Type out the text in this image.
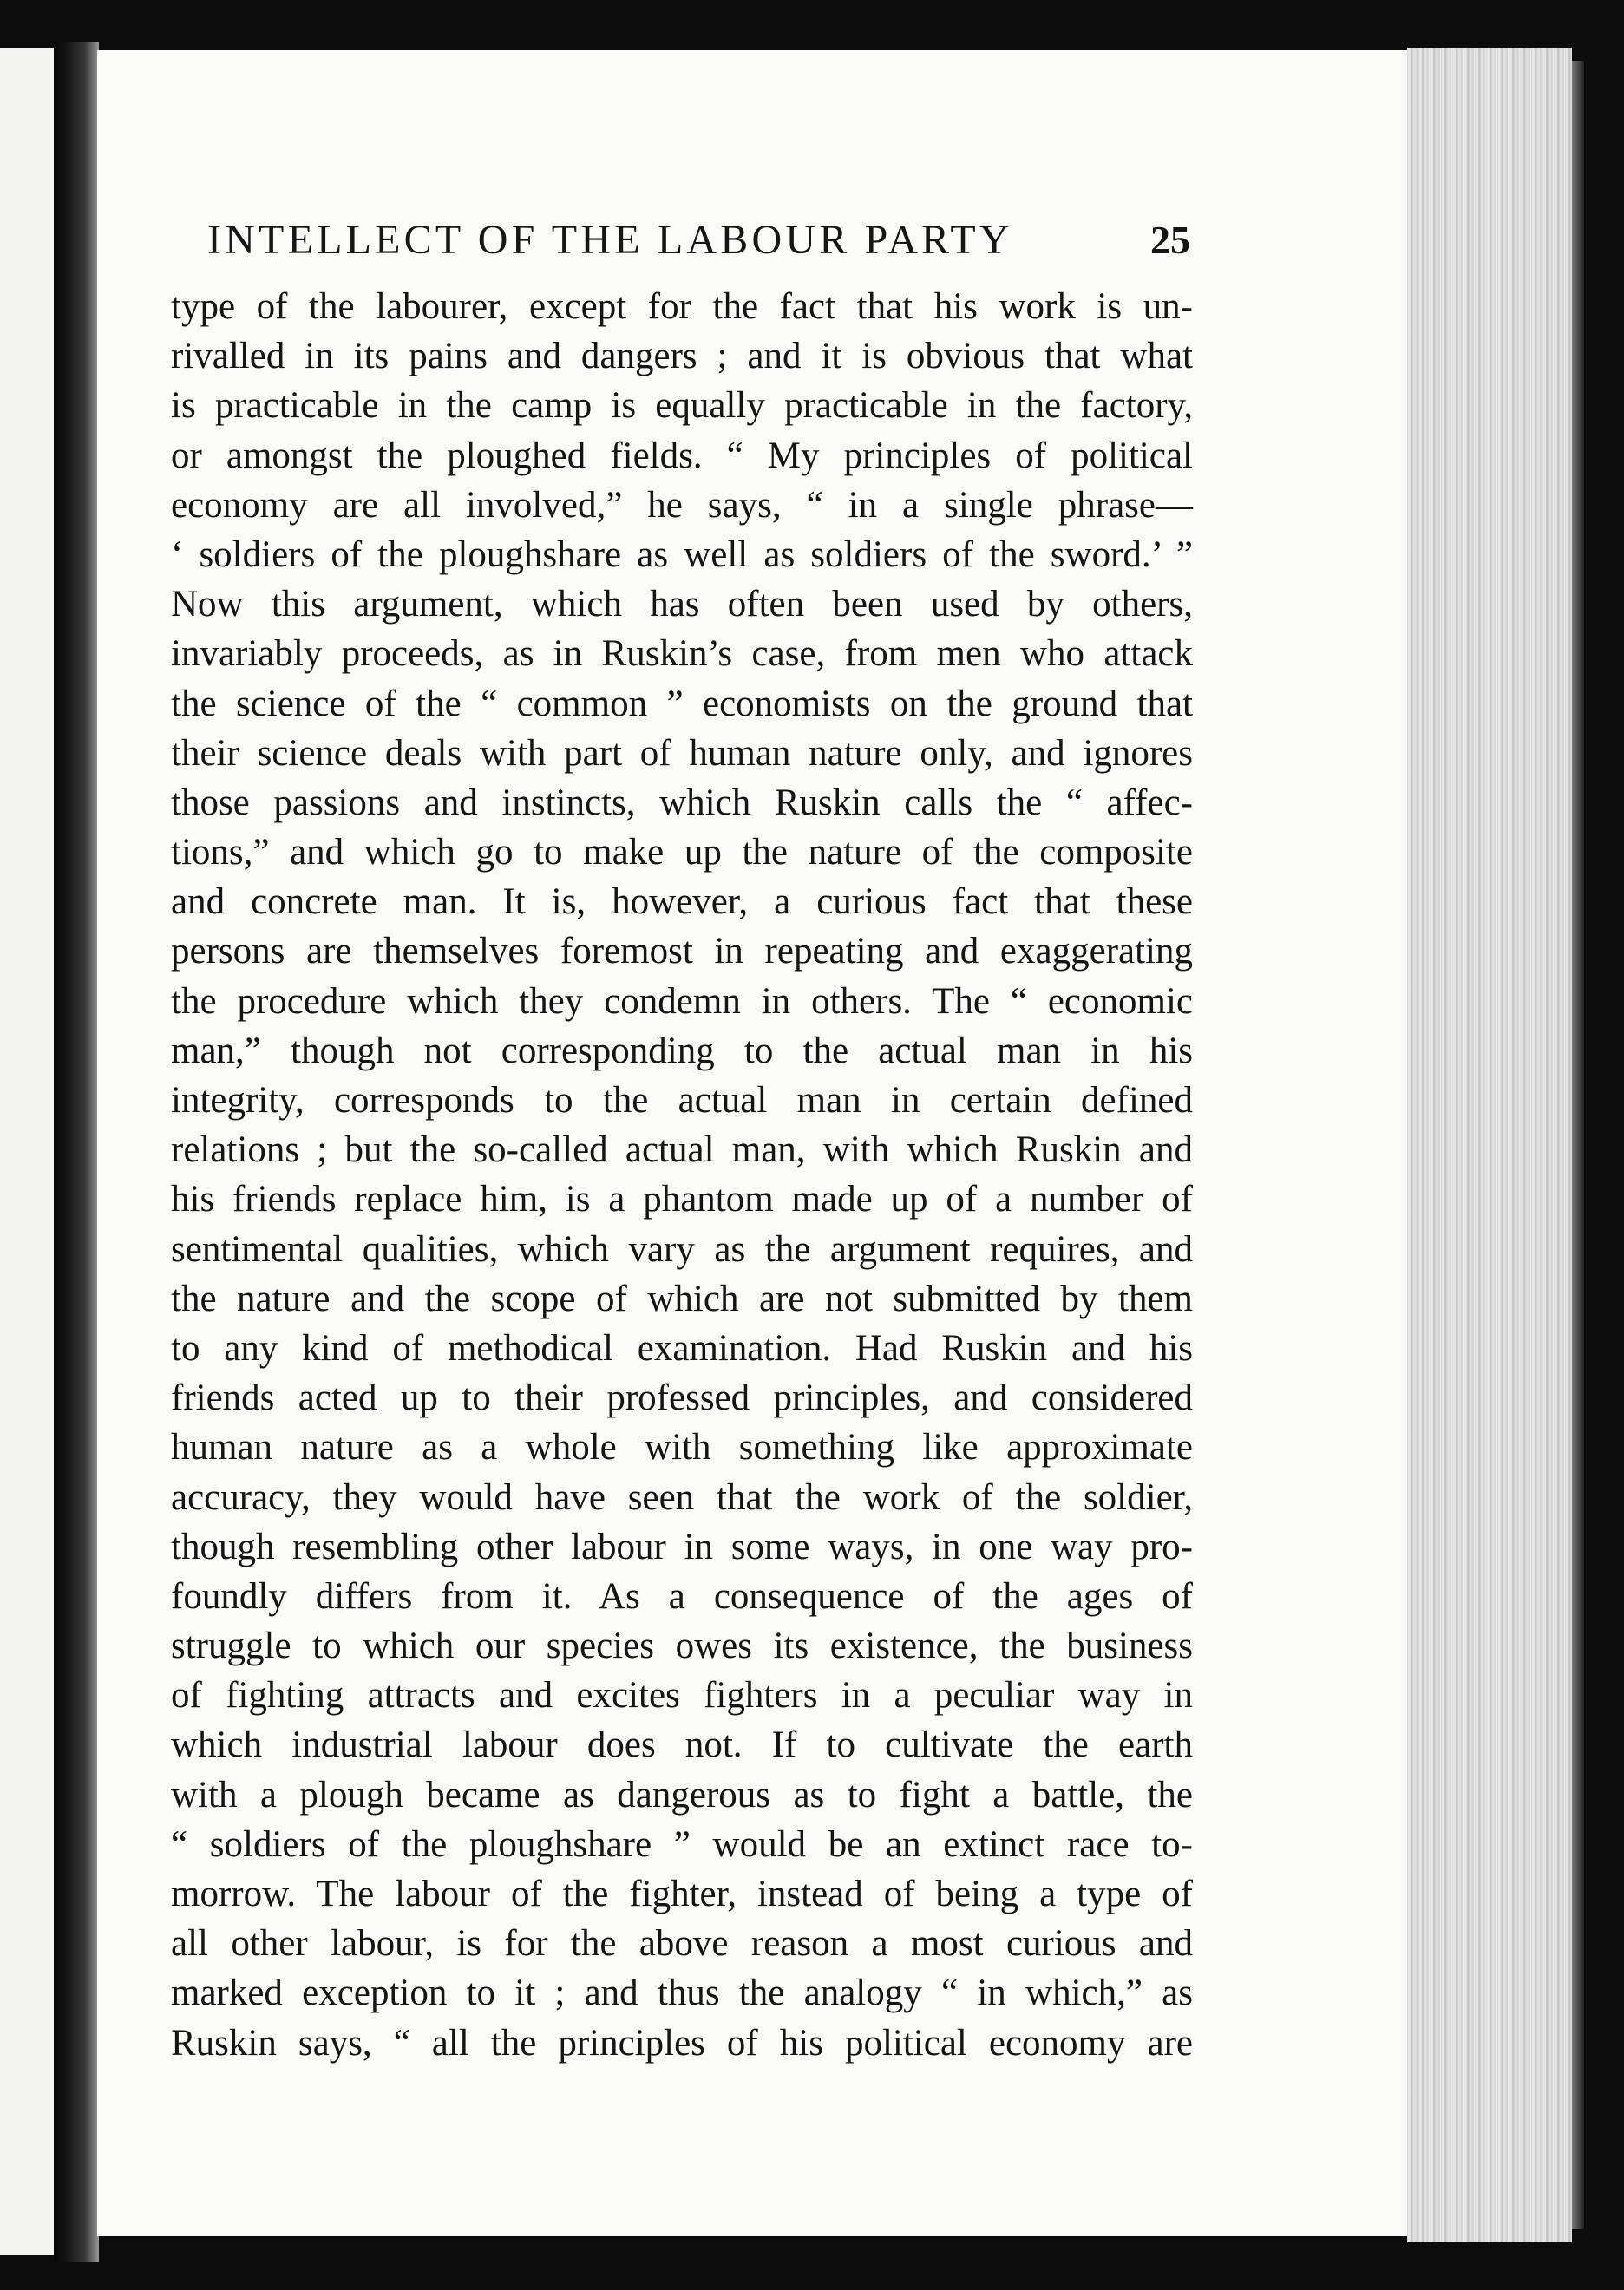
INTELLECT OF THE LABOUR PARTY	25
type of the labourer, except for the fact that his work is un-
rivalled in its pains and dangers ; and it is obvious that what
is practicable in the camp is equally practicable in the factory,
or amongst the ploughed fields. “ My principles of political
economy are all involved,” he says, “ in a single phrase—
‘ soldiers of the ploughshare as well as soldiers of the sword.’ ”
Now this argument, which has often been used by others,
invariably proceeds, as in Ruskin’s case, from men who attack
the science of the “ common ” economists on the ground that
their science deals with part of human nature only, and ignores
those passions and instincts, which Ruskin calls the “ affec-
tions,” and which go to make up the nature of the composite
and concrete man. It is, however, a curious fact that these
persons are themselves foremost in repeating and exaggerating
the procedure which they condemn in others. The “ economic
man,” though not corresponding to the actual man in his
integrity, corresponds to the actual man in certain defined
relations ; but the so-called actual man, with which Ruskin and
his friends replace him, is a phantom made up of a number of
sentimental qualities, which vary as the argument requires, and
the nature and the scope of which are not submitted by them
to any kind of methodical examination. Had Ruskin and his
friends acted up to their professed principles, and considered
human nature as a whole with something like approximate
accuracy, they would have seen that the work of the soldier,
though resembling other labour in some ways, in one way pro-
foundly differs from it. As a consequence of the ages of
struggle to which our species owes its existence, the business
of fighting attracts and excites fighters in a peculiar way in
which industrial labour does not. If to cultivate the earth
with a plough became as dangerous as to fight a battle, the
“ soldiers of the ploughshare ” would be an extinct race to-
morrow. The labour of the fighter, instead of being a type of
all other labour, is for the above reason a most curious and
marked exception to it ; and thus the analogy “ in which,” as
Ruskin says, “ all the principles of his political economy are
